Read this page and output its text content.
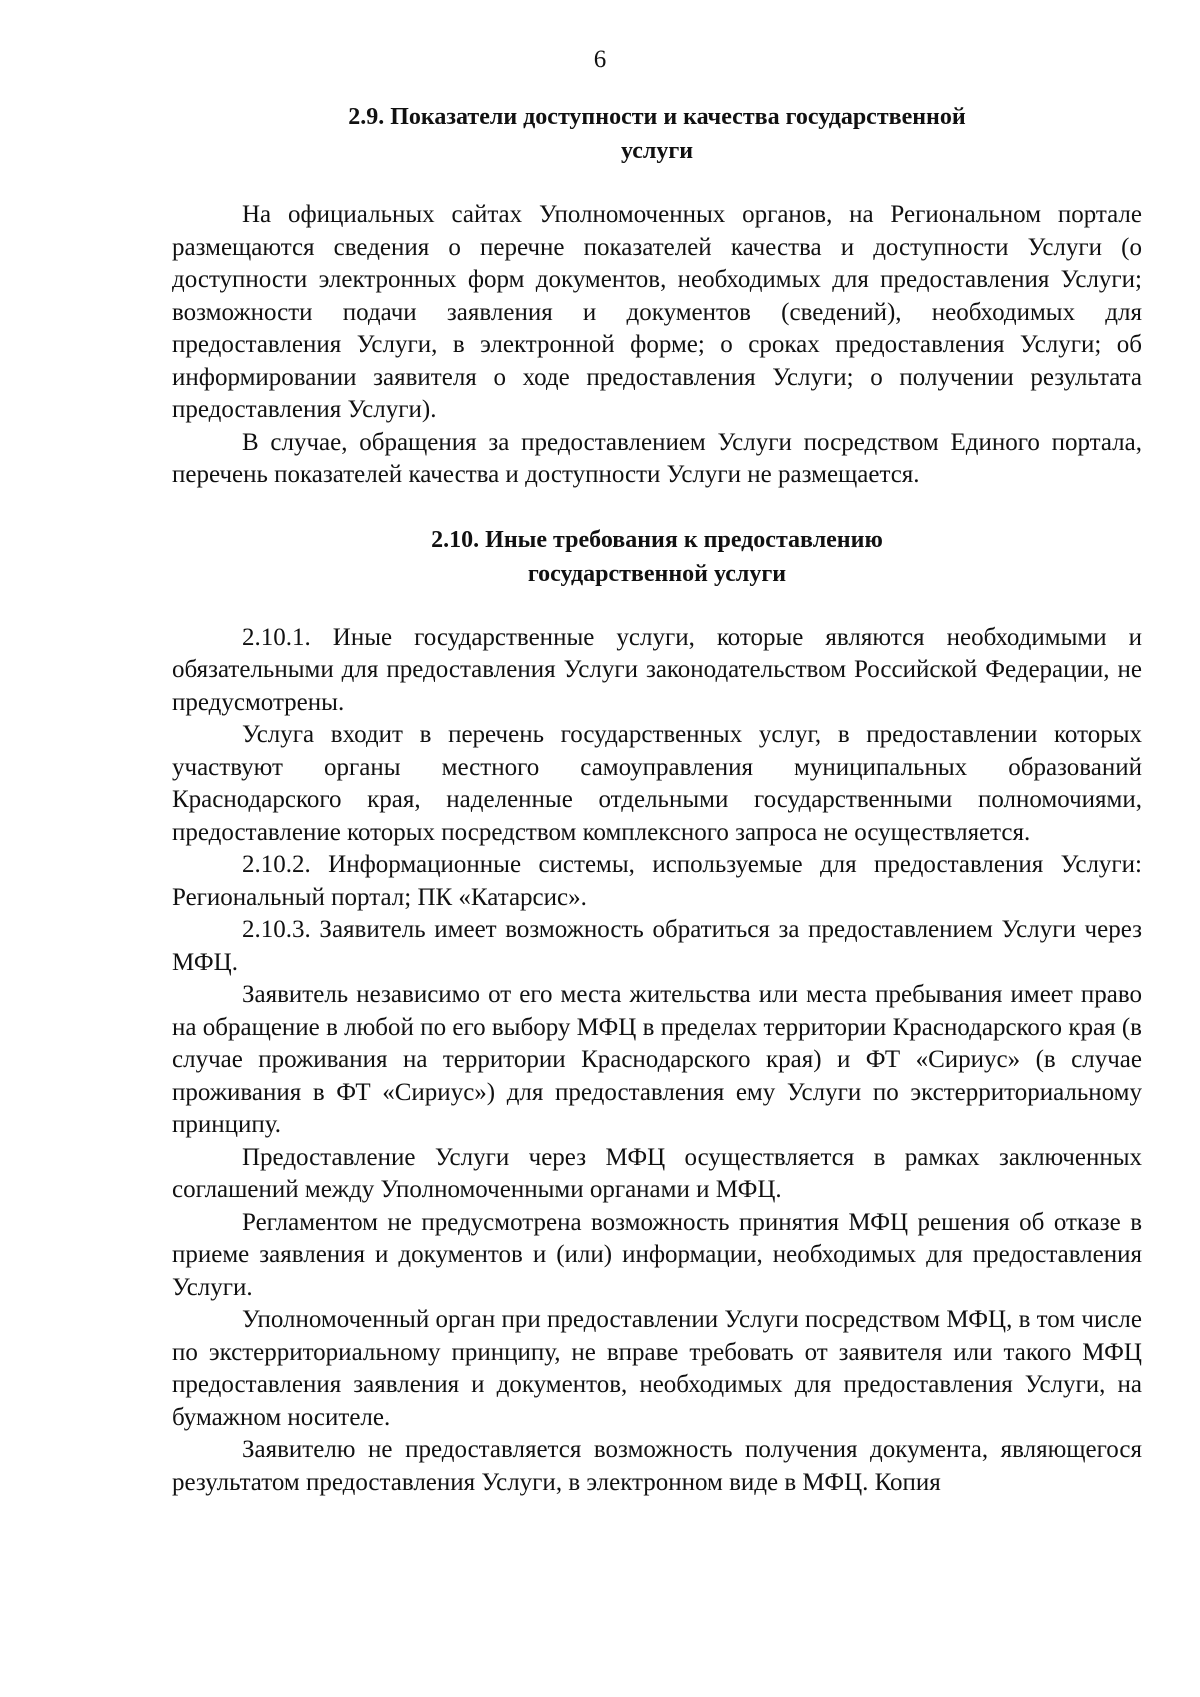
6
2.9. Показатели доступности и качества государственной
услуги

На официальных сайтах Уполномоченных органов, на Региональном портале размещаются сведения о перечне показателей качества и доступности Услуги (о доступности электронных форм документов, необходимых для предоставления Услуги; возможности подачи заявления и документов (сведений), необходимых для предоставления Услуги, в электронной форме; о сроках предоставления Услуги; об информировании заявителя о ходе предоставления Услуги; о получении результата предоставления Услуги).

В случае, обращения за предоставлением Услуги посредством Единого портала, перечень показателей качества и доступности Услуги не размещается.

2.10. Иные требования к предоставлению
государственной услуги

2.10.1. Иные государственные услуги, которые являются необходимыми и обязательными для предоставления Услуги законодательством Российской Федерации, не предусмотрены.

Услуга входит в перечень государственных услуг, в предоставлении которых участвуют органы местного самоуправления муниципальных образований Краснодарского края, наделенные отдельными государственными полномочиями, предоставление которых посредством комплексного запроса не осуществляется.

2.10.2. Информационные системы, используемые для предоставления Услуги: Региональный портал; ПК «Катарсис».

2.10.3. Заявитель имеет возможность обратиться за предоставлением Услуги через МФЦ.

Заявитель независимо от его места жительства или места пребывания имеет право на обращение в любой по его выбору МФЦ в пределах территории Краснодарского края (в случае проживания на территории Краснодарского края) и ФТ «Сириус» (в случае проживания в ФТ «Сириус») для предоставления ему Услуги по экстерриториальному принципу.

Предоставление Услуги через МФЦ осуществляется в рамках заключенных соглашений между Уполномоченными органами и МФЦ.

Регламентом не предусмотрена возможность принятия МФЦ решения об отказе в приеме заявления и документов и (или) информации, необходимых для предоставления Услуги.

Уполномоченный орган при предоставлении Услуги посредством МФЦ, в том числе по экстерриториальному принципу, не вправе требовать от заявителя или такого МФЦ предоставления заявления и документов, необходимых для предоставления Услуги, на бумажном носителе.

Заявителю не предоставляется возможность получения документа, являющегося результатом предоставления Услуги, в электронном виде в МФЦ. Копия
